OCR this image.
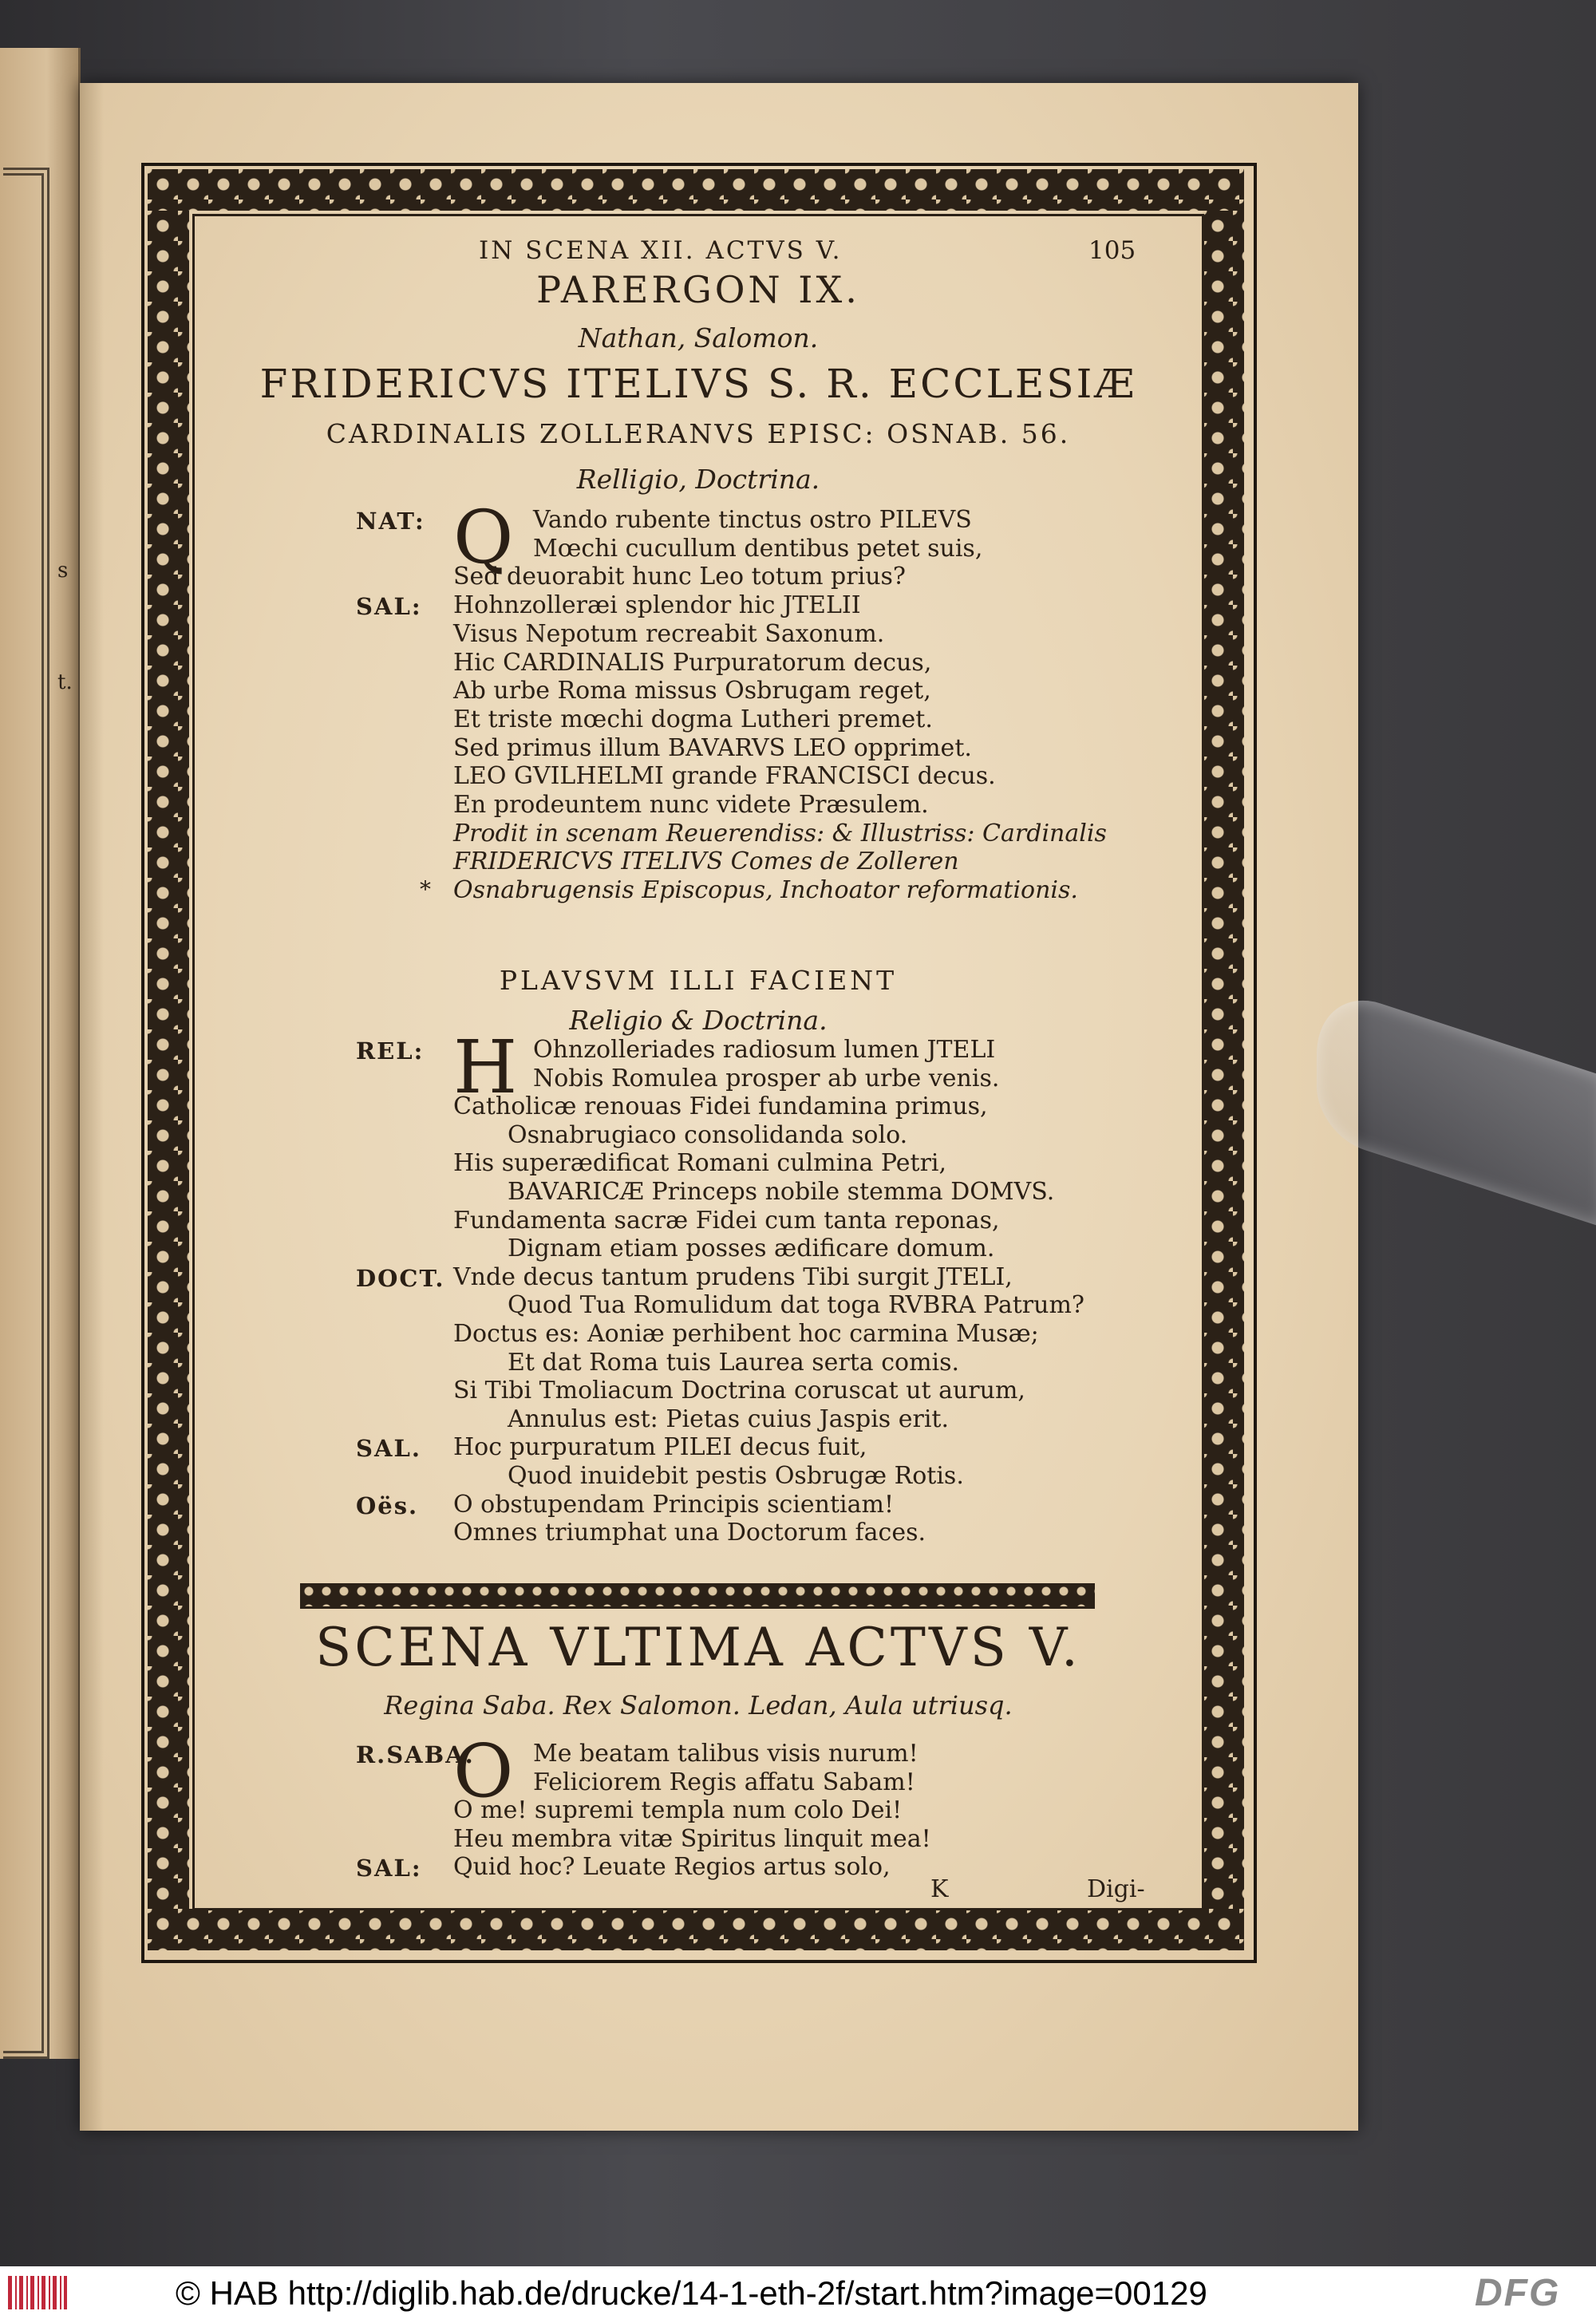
s
t.
IN SCENA XII. ACTVS V.	105
PARERGON IX.
Nathan, Salomon.
FRIDERICVS ITELIVS S. R. ECCLESIÆ
CARDINALIS ZOLLERANVS EPISC: OSNAB. 56.
Relligio, Doctrina.
NAT: Q Vando rubente tinctus ostro PILEVS
Mœchi cucullum dentibus petet suis,
Sed deuorabit hunc Leo totum prius?
SAL: Hohnzolleræi splendor hic JTELII
Visus Nepotum recreabit Saxonum.
Hic CARDINALIS Purpuratorum decus,
Ab urbe Roma missus Osbrugam reget,
Et triste mœchi dogma Lutheri premet.
Sed primus illum BAVARVS LEO opprimet.
LEO GVILHELMI grande FRANCISCI decus.
En prodeuntem nunc videte Præsulem.
Prodit in scenam Reuerendiss: & Illustriss: Cardinalis
FRIDERICVS ITELIVS Comes de Zolleren
Osnabrugensis Episcopus, Inchoator reformationis.
*
PLAVSVM ILLI FACIENT
Religio & Doctrina.
REL: H Ohnzolleriades radiosum lumen JTELI
Nobis Romulea prosper ab urbe venis.
Catholicæ renouas Fidei fundamina primus,
Osnabrugiaco consolidanda solo.
His superædificat Romani culmina Petri,
BAVARICÆ Princeps nobile stemma DOMVS.
Fundamenta sacræ Fidei cum tanta reponas,
Dignam etiam posses ædificare domum.
DOCT. Vnde decus tantum prudens Tibi surgit JTELI,
Quod Tua Romulidum dat toga RVBRA Patrum?
Doctus es: Aoniæ perhibent hoc carmina Musæ;
Et dat Roma tuis Laurea serta comis.
Si Tibi Tmoliacum Doctrina coruscat ut aurum,
Annulus est: Pietas cuius Jaspis erit.
SAL. Hoc purpuratum PILEI decus fuit,
Quod inuidebit pestis Osbrugæ Rotis.
Oës. O obstupendam Principis scientiam!
Omnes triumphat una Doctorum faces.
SCENA VLTIMA ACTVS V.
Regina Saba. Rex Salomon. Ledan, Aula utriusq.
R.SABA.
O Me beatam talibus visis nurum!
Feliciorem Regis affatu Sabam!
O me! supremi templa num colo Dei!
Heu membra vitæ Spiritus linquit mea!
SAL: Quid hoc? Leuate Regios artus solo,
K	Digi-
© HAB http://diglib.hab.de/drucke/14-1-eth-2f/start.htm?image=00129	DFG
